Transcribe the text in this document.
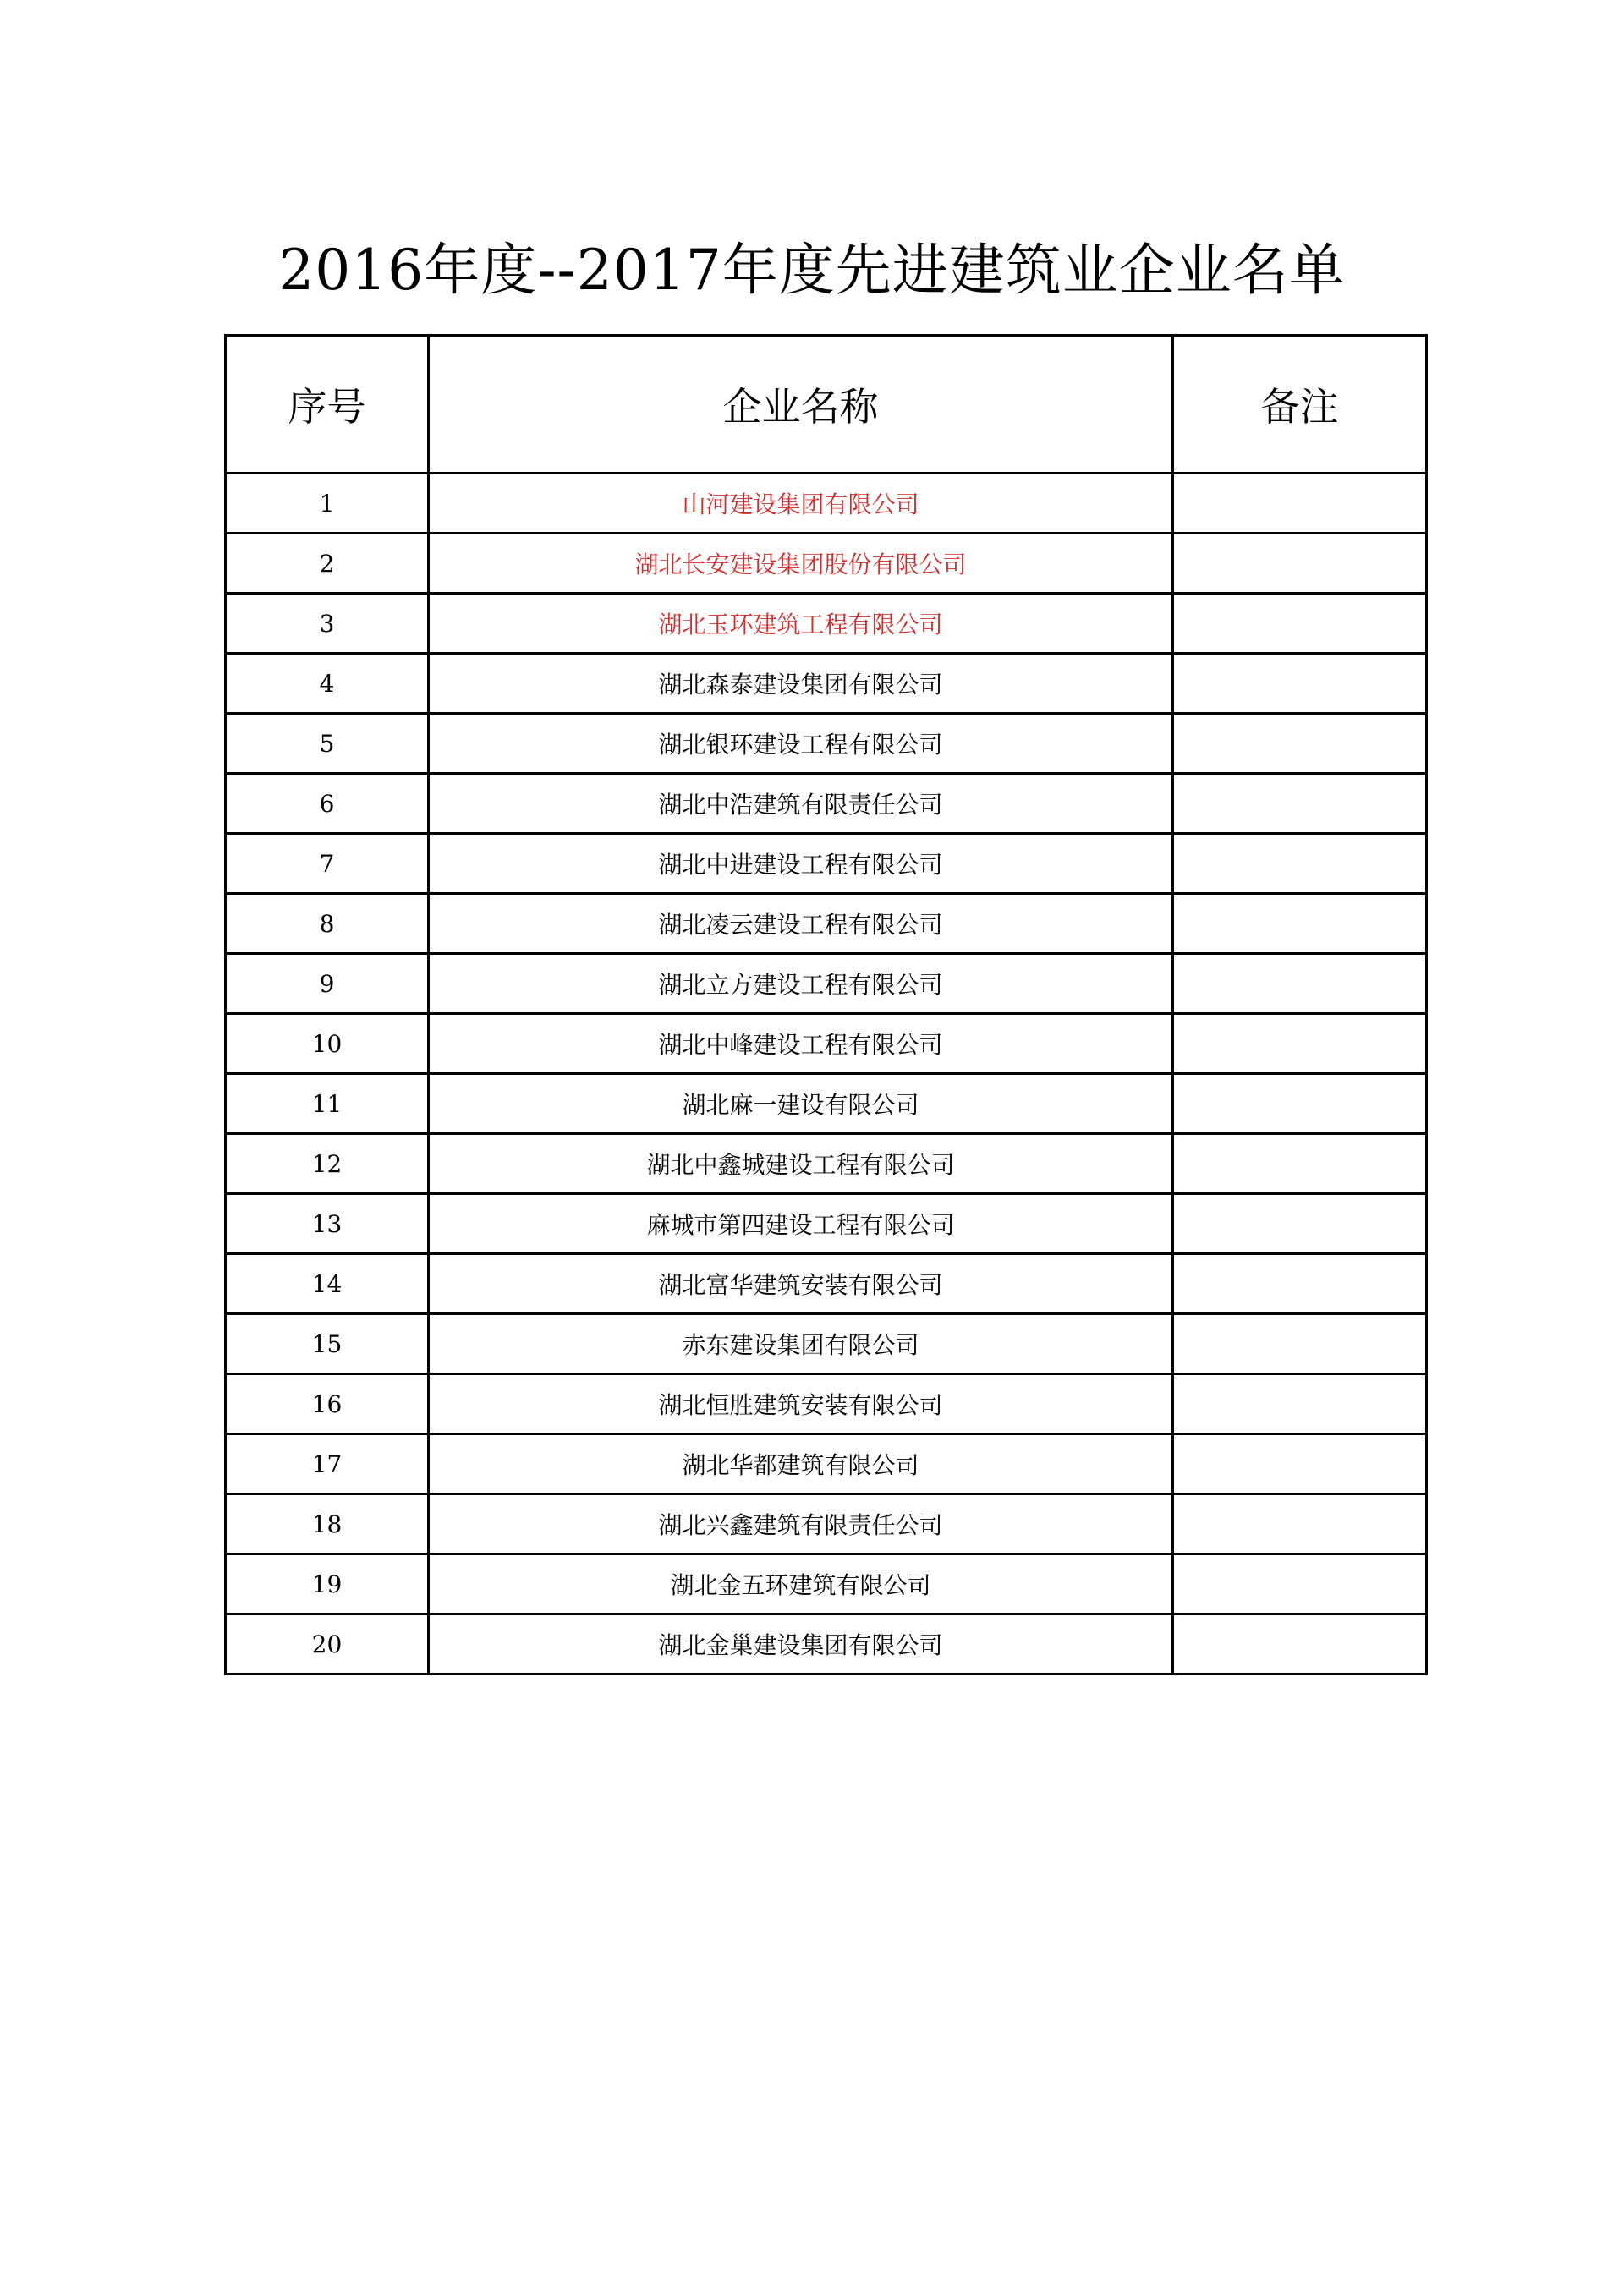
2016年度--2017年度先进建筑业企业名单
序号	企业名称	备注
1	山河建设集团有限公司	
2	湖北长安建设集团股份有限公司	
3	湖北玉环建筑工程有限公司	
4	湖北森泰建设集团有限公司	
5	湖北银环建设工程有限公司	
6	湖北中浩建筑有限责任公司	
7	湖北中进建设工程有限公司	
8	湖北凌云建设工程有限公司	
9	湖北立方建设工程有限公司	
10	湖北中峰建设工程有限公司	
11	湖北麻一建设有限公司	
12	湖北中鑫城建设工程有限公司	
13	麻城市第四建设工程有限公司	
14	湖北富华建筑安装有限公司	
15	赤东建设集团有限公司	
16	湖北恒胜建筑安装有限公司	
17	湖北华都建筑有限公司	
18	湖北兴鑫建筑有限责任公司	
19	湖北金五环建筑有限公司	
20	湖北金巢建设集团有限公司	
